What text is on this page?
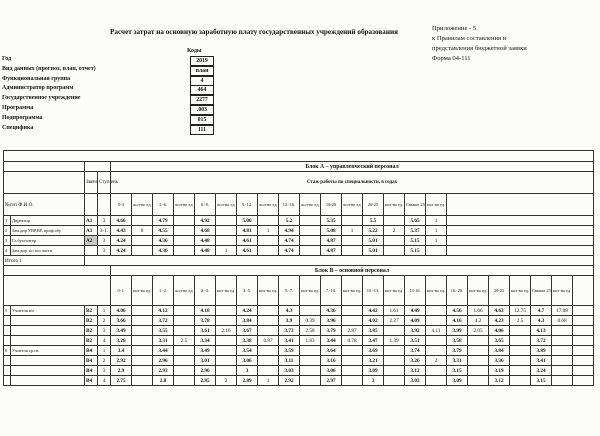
Расчет затрат на основную заработную плату государственных учреждений образования	Приложение - 5
к Правилам составления и
представления бюджетной заявки
Форма 04-111
Коды
Год	2019
Вид данных (прогноз, план, отчет)	план
Функциональная группа	4
Администратор программ	464
Государственное учреждение	2277
Программа	.003
Подпрограмма	015
Специфика	111

				Блок А – управленческий персонал																						
		Звено	Ступ ень	Стаж работы по специальности, в годах																						
№п/п Ф.И.О.				0-3	кол-во ед	3.-6.	кол-во ед	6.-9.	кол-во ед	9.-12.	кол-во ед	12.-16.	кол-во ед	16-20	кол-во ед	20-25	кол-во ед.	Свыше 25	кол-во ед.							
1	Директор	A1	3	4.66		4.79		4.92		5.06		5.2		5.35		5.5		5.65	1							
2	Зам.дир УВР,ВР, проф.обу	A1	3-1.	4.43	0	4.55		4.68		4.81	1	4.94		5.08	1	5.22	2	5.37	1							
3	Гл.бухгалтер	A2	3	4.24		4.36		4.48		4.61		4.74		4.87		5.01		5.15	1							
4	Зам.дир. по хоз части		3	4.24		4.36		4.48	1	4.61		4.74		4.87		5.01		5.15								
Итого 1																										
				Блок В – основной персонал																						
				0-1.	кол-во ед.	1.-2.	кол-во ед	2.-3.	кол-во ед.	3.-5.	кол-во ед.	5.-7.	кол-во ед.	7.-10.	кол-во ед.	10.-13.	кол-во ед.	13-16.	кол-во ед.	16.-20.	кол-во ед.	20-25	кол-во ед.	Свыше 25	кол-во ед.	
5	Учителя в/о	B2	1	4.06		4.12		4.18		4.24		4.3		4.36		4.42	1.61	4.49		4.56	1.66	4.63	12.75	4.7	17.08	
		B2	2	3.66		3.72		3.78		3.84		3.9	0.39	3.96		4.02	2.27	4.09		4.16	4.2	4.23	2.5	4.3	0.68	
		B2	3	3.49		3.55		3.61	2.16	3.67		3.73	2.58	3.79	2.87	3.85		3.92	4.11	3.99	2.05	4.06		4.13		
		B2	4	3.28		3.31	2.5	3.34		3.38	0.87	3.41	1.83	3.44	0.78	3.47	1.39	3.51		3.58		3.65		3.72		
6	Учителя ср.сп.	B4	1	3.4		3.44		3.49		3.54		3.59		3.64		3.69		3.74		3.79		3.84		3.89		
		B4	2	2.92		2.96		3.01		3.06		3.11		3.16		3.21		3.26	2	3.31		3.36		3.41		
		B4	3	2.9		2.93		2.96		3		3.03		3.06		3.09		3.12		3.15		3.19		3.24		
		B4	4	2.75		2.8		2.85	2	2.89	1	2.92		2.97		3		3.03		3.09		3.12		3.15		
